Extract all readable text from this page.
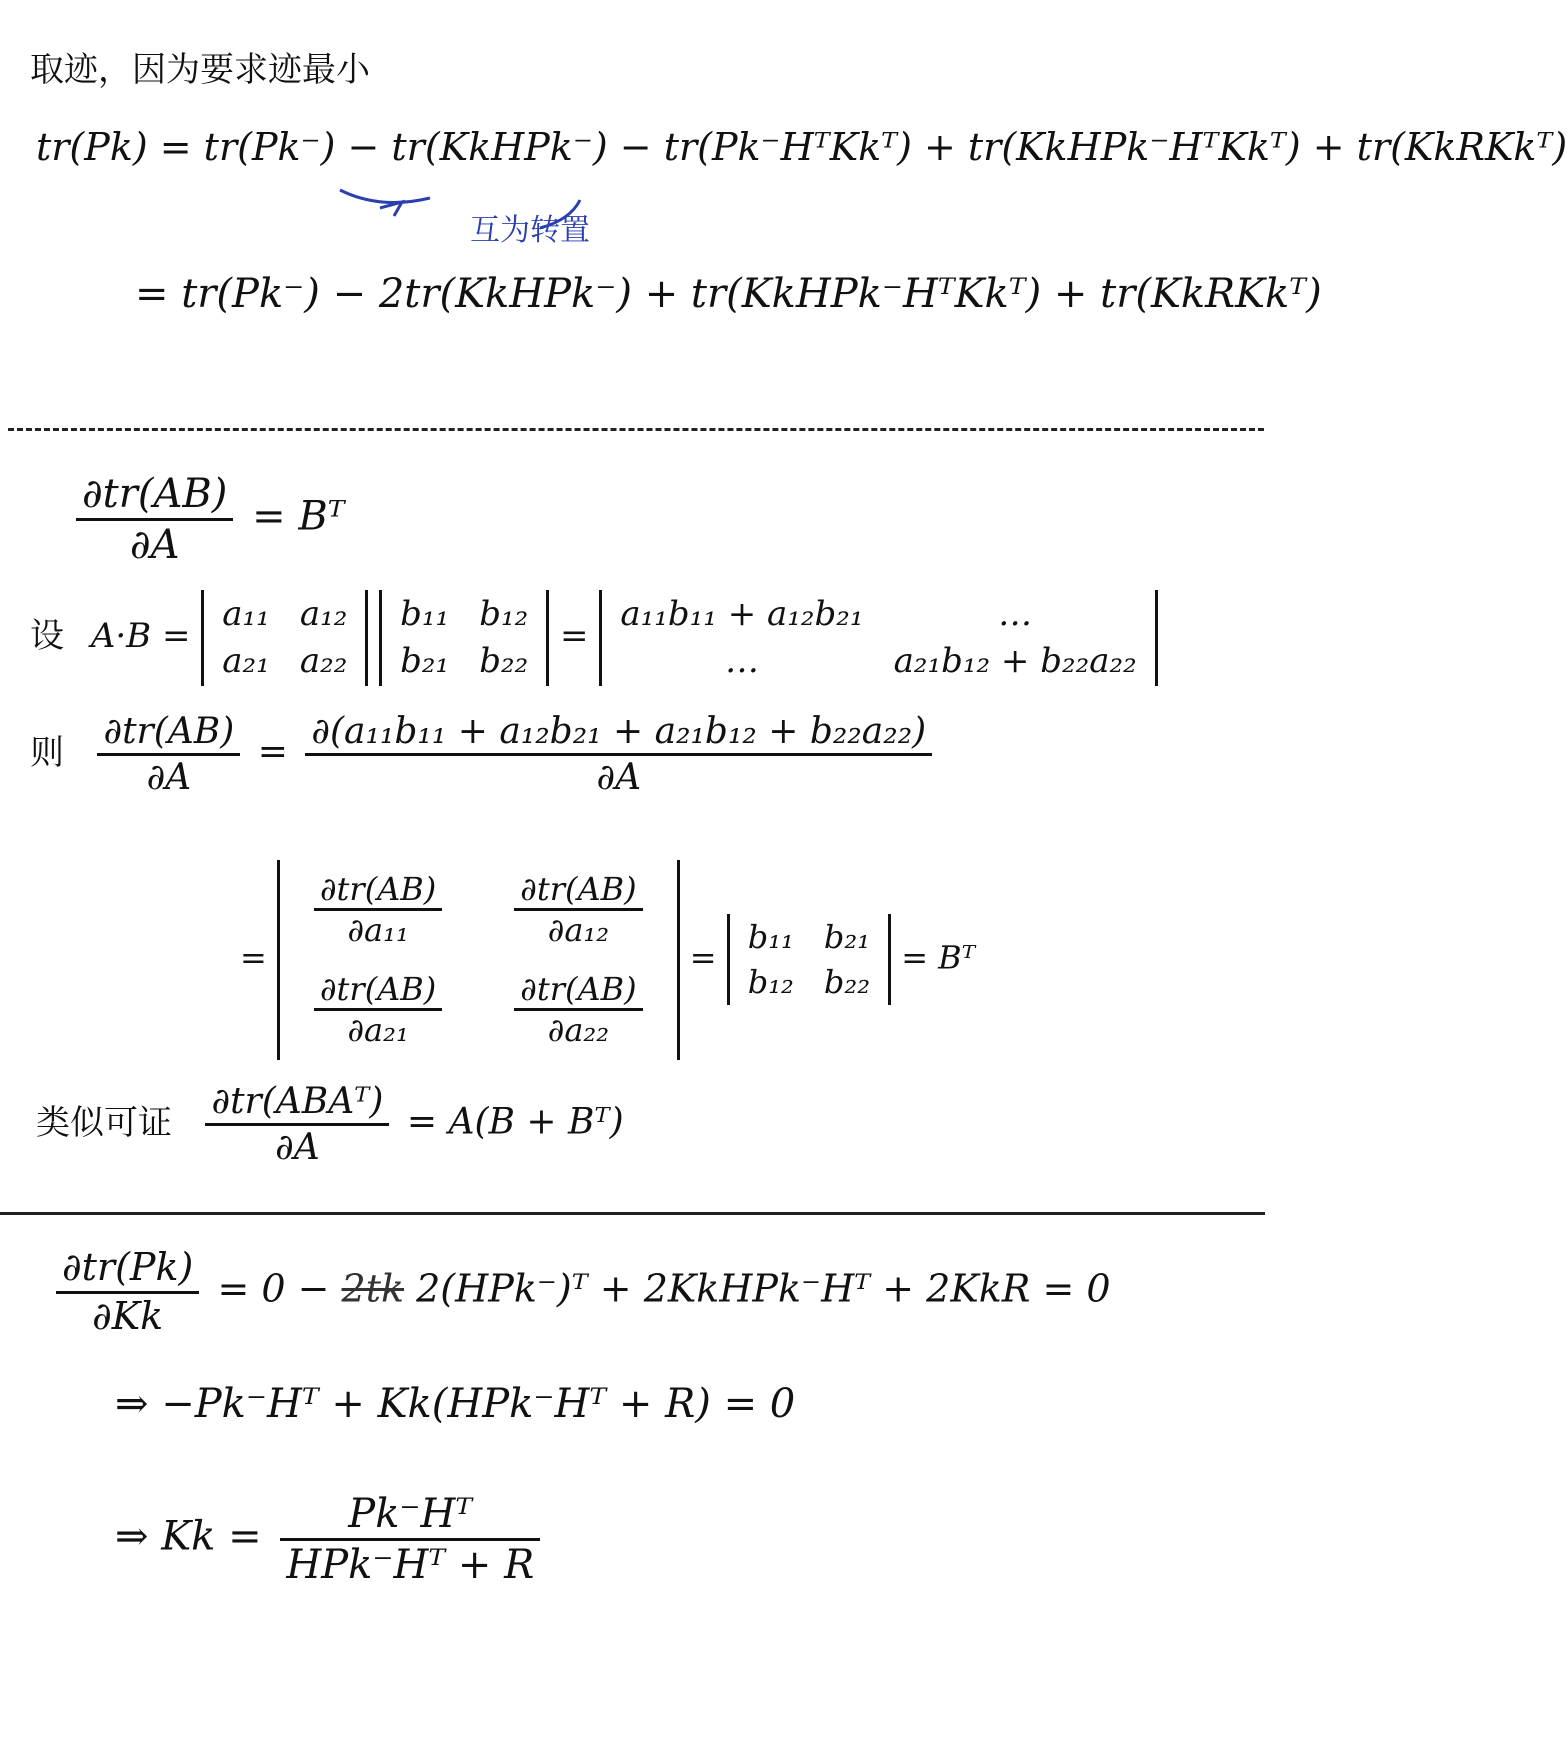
取迹，因为要求迹最小
tr(Pk) = tr(Pk⁻) − tr(KkHPk⁻) − tr(Pk⁻HᵀKkᵀ) + tr(KkHPk⁻HᵀKkᵀ) + tr(KkRKkᵀ)
互为转置
= tr(Pk⁻) − 2tr(KkHPk⁻) + tr(KkHPk⁻HᵀKkᵀ) + tr(KkRKkᵀ)
$\frac{\partial tr(AB)}{\partial A}$ = Bᵀ
设 A·B =
a₁₁ a₁₂
a₂₁ a₂₂

b₁₁ b₁₂
b₂₁ b₂₂
=
a₁₁b₁₁ + a₁₂b₂₁	…
…	a₂₁b₁₂ + b₂₂a₂₂
则 $\frac{\partial tr(AB)}{\partial A} = \frac{\text{∂(a₁₁b₁₁ + a₁₂b₂₁ + a₂₁b₁₂ + b₂₂a₂₂)}}{\partial A}$
=
$\frac{\partial tr(AB)}{\text{∂a₁₁}} \frac{\partial tr(AB)}{\text{∂a₁₂}}$
$\frac{\partial tr(AB)}{\text{∂a₂₁}} \frac{\partial tr(AB)}{\text{∂a₂₂}}$
=
b₁₁ b₂₁
b₁₂ b₂₂
= Bᵀ
类似可证 $\frac{\text{∂tr(ABAᵀ)}}{\partial A} = A(B$ + Bᵀ)
$\frac{\partial tr(Pk)}{\partial Kk} = 0 - 2tk$ 2(HPk⁻)ᵀ + 2KkHPk⁻Hᵀ + 2KkR = 0
⇒ −Pk⁻Hᵀ + Kk(HPk⁻Hᵀ + R) = 0
⇒ $Kk = \frac{\text{Pk⁻Hᵀ}}{\text{HPk⁻Hᵀ + R}}$
